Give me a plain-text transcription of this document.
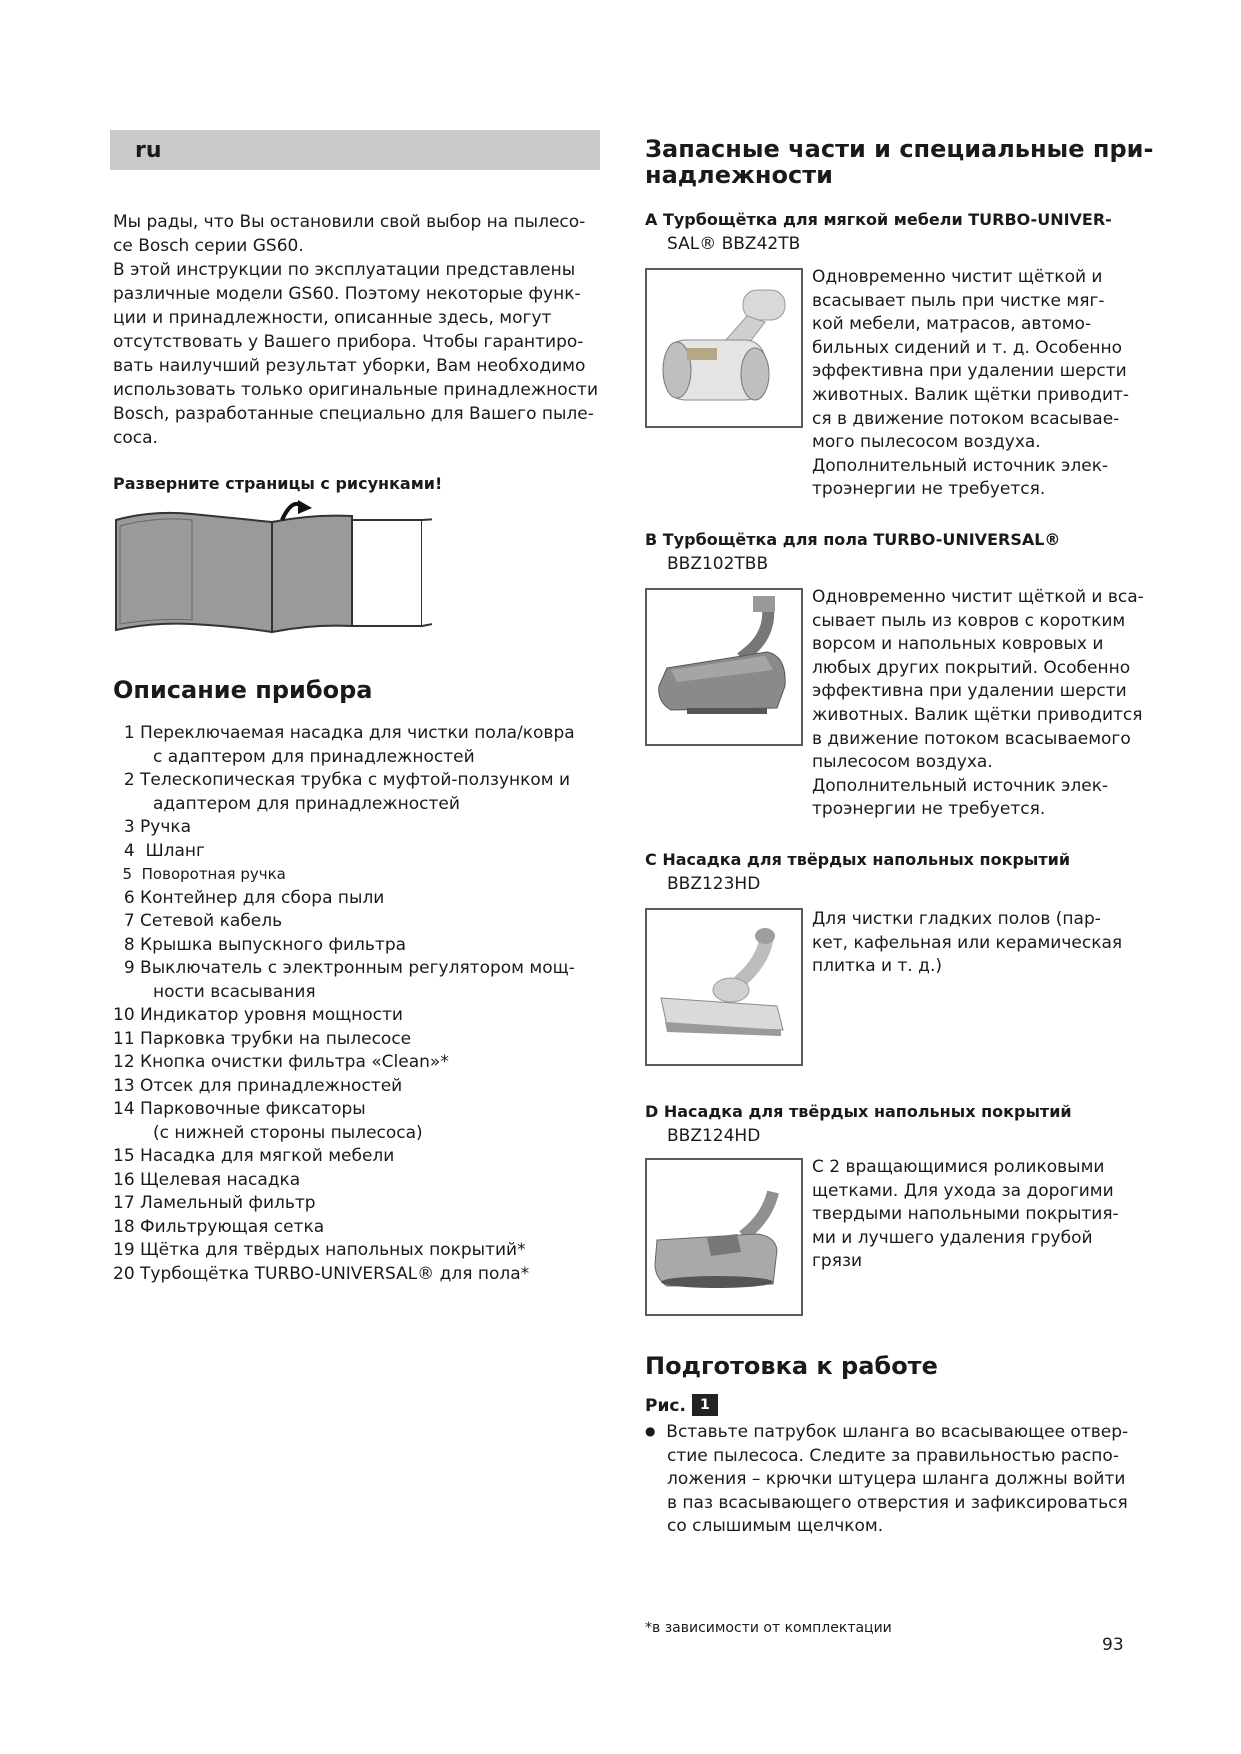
ru
Мы рады, что Вы остановили свой выбор на пылесо-
се Bosch серии GS60.
В этой инструкции по эксплуатации представлены
различные модели GS60. Поэтому некоторые функ-
ции и принадлежности, описанные здесь, могут
отсутствовать у Вашего прибора. Чтобы гарантиро-
вать наилучший результат уборки, Вам необходимо
использовать только оригинальные принадлежности
Bosch, разработанные специально для Вашего пыле-
соса.
Разверните страницы с рисунками!
Описание прибора
1 Переключаемая насадка для чистки пола/ковра
с адаптером для принадлежностей
2 Телескопическая трубка с муфтой-ползунком и
адаптером для принадлежностей
3 Ручка
4 Шланг
5 Поворотная ручка
6 Контейнер для сбора пыли
7 Сетевой кабель
8 Крышка выпускного фильтра
9 Выключатель с электронным регулятором мощ-
ности всасывания
10 Индикатор уровня мощности
11 Парковка трубки на пылесосе
12 Кнопка очистки фильтра «Clean»*
13 Отсек для принадлежностей
14 Парковочные фиксаторы
(с нижней стороны пылесоса)
15 Насадка для мягкой мебели
16 Щелевая насадка
17 Ламельный фильтр
18 Фильтрующая сетка
19 Щётка для твёрдых напольных покрытий*
20 Турбощётка TURBO-UNIVERSAL® для пола*
Запасные части и специальные при-
надлежности
A Турбощётка для мягкой мебели TURBO-UNIVER-
SAL® BBZ42TB
Одновременно чистит щёткой и
всасывает пыль при чистке мяг-
кой мебели, матрасов, автомо-
бильных сидений и т. д. Особенно
эффективна при удалении шерсти
животных. Валик щётки приводит-
ся в движение потоком всасывае-
мого пылесосом воздуха.
Дополнительный источник элек-
троэнергии не требуется.
B Турбощётка для пола TURBO-UNIVERSAL®
BBZ102TBB
Одновременно чистит щёткой и вса-
сывает пыль из ковров с коротким
ворсом и напольных ковровых и
любых других покрытий. Особенно
эффективна при удалении шерсти
животных. Валик щётки приводится
в движение потоком всасываемого
пылесосом воздуха.
Дополнительный источник элек-
троэнергии не требуется.
C Насадка для твёрдых напольных покрытий
BBZ123HD
Для чистки гладких полов (пар-
кет, кафельная или керамическая
плитка и т. д.)
D Насадка для твёрдых напольных покрытий
BBZ124HD
С 2 вращающимися роликовыми
щетками. Для ухода за дорогими
твердыми напольными покрытия-
ми и лучшего удаления грубой
грязи
Подготовка к работе
Рис. 1
● Вставьте патрубок шланга во всасывающее отвер-
стие пылесоса. Следите за правильностью распо-
ложения – крючки штуцера шланга должны войти
в паз всасывающего отверстия и зафиксироваться
со слышимым щелчком.
*в зависимости от комплектации
93
